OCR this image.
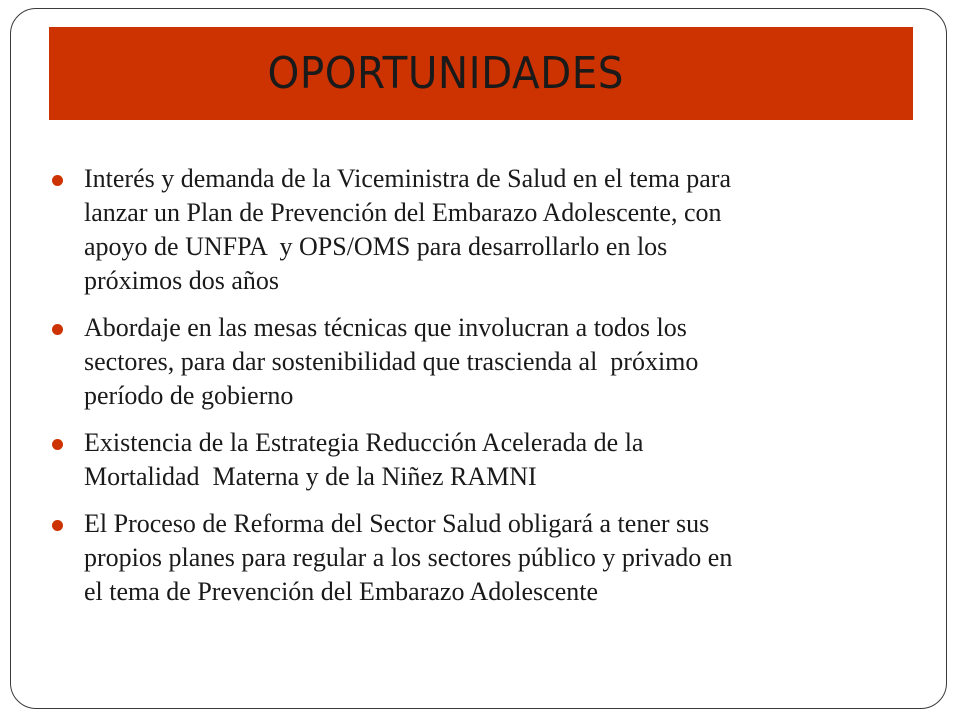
OPORTUNIDADES
Interés y demanda de la Viceministra de Salud en el tema para
lanzar un Plan de Prevención del Embarazo Adolescente, con
apoyo de UNFPA  y OPS/OMS para desarrollarlo en los
próximos dos años
Abordaje en las mesas técnicas que involucran a todos los
sectores, para dar sostenibilidad que trascienda al  próximo
período de gobierno
Existencia de la Estrategia Reducción Acelerada de la
Mortalidad  Materna y de la Niñez RAMNI
El Proceso de Reforma del Sector Salud obligará a tener sus
propios planes para regular a los sectores público y privado en
el tema de Prevención del Embarazo Adolescente
